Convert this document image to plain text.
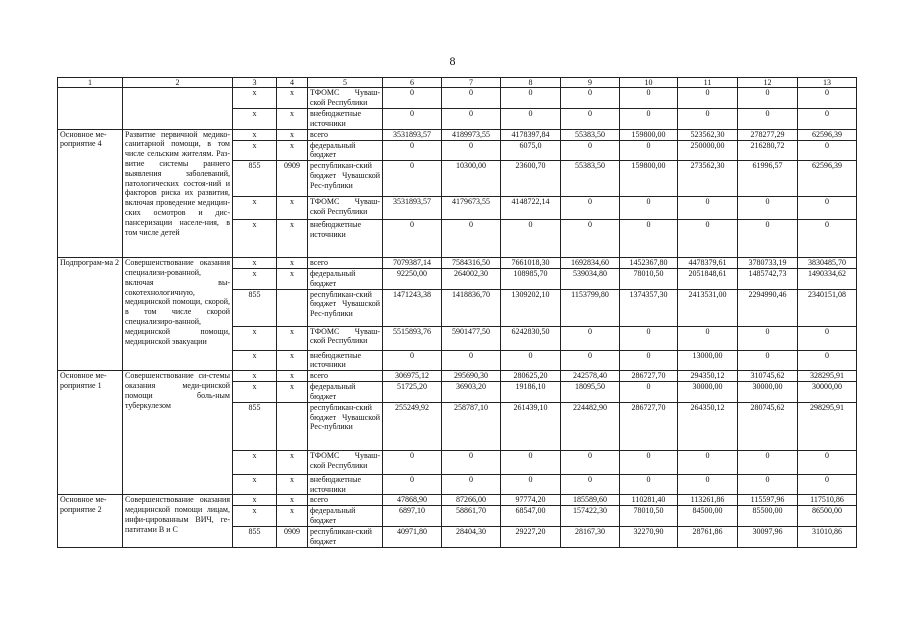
8
1	2	3	4	5	6	7	8	9	10	11	12	13
		x	x	ТФОМС Чуваш-ской Республики	0	0	0	0	0	0	0	0
		x	x	внебюджетные источники	0	0	0	0	0	0	0	0
Основное ме-роприятие 4	Развитие первичной медико-санитарной помощи, в том числе сельским жителям. Раз-витие системы раннего выявления заболеваний, патологических состоя-ний и факторов риска их развития, включая проведение медицин-ских осмотров и дис-пансеризации населе-ния, в том числе детей	x	x	всего	3531893,57	4189973,55	4178397,84	55383,50	159800,00	523562,30	278277,29	62596,39
		x	x	федеральный бюджет	0	0	6075,0	0	0	250000,00	216280,72	0
		855	0909	республикан-ский бюджет Чувашской Рес-публики	0	10300,00	23600,70	55383,50	159800,00	273562,30	61996,57	62596,39
		x	x	ТФОМС Чуваш-ской Республики	3531893,57	4179673,55	4148722,14	0	0	0	0	0
		x	x	внебюджетные источники	0	0	0	0	0	0	0	0
Подпрограм-ма 2	Совершенствование оказания специализи-рованной, включая вы-сокотехнологичную, медицинской помощи, скорой, в том числе скорой специализиро-ванной, медицинской помощи, медицинской эвакуации	x	x	всего	7079387,14	7584316,50	7661018,30	1692834,60	1452367,80	4478379,61	3780733,19	3830485,70
		x	x	федеральный бюджет	92250,00	264002,30	108985,70	539034,80	78010,50	2051848,61	1485742,73	1490334,62
		855		республикан-ский бюджет Чувашской Рес-публики	1471243,38	1418836,70	1309202,10	1153799,80	1374357,30	2413531,00	2294990,46	2340151,08
		x	x	ТФОМС Чуваш-ской Республики	5515893,76	5901477,50	6242830,50	0	0	0	0	0
		x	x	внебюджетные источники	0	0	0	0	0	13000,00	0	0
Основное ме-роприятие 1	Совершенствование си-стемы оказания меди-цинской помощи боль-ным туберкулезом	x	x	всего	306975,12	295690,30	280625,20	242578,40	286727,70	294350,12	310745,62	328295,91
		x	x	федеральный бюджет	51725,20	36903,20	19186,10	18095,50	0	30000,00	30000,00	30000,00
		855		республикан-ский бюджет Чувашской Рес-публики	255249,92	258787,10	261439,10	224482,90	286727,70	264350,12	280745,62	298295,91
		x	x	ТФОМС Чуваш-ской Республики	0	0	0	0	0	0	0	0
		x	x	внебюджетные источники	0	0	0	0	0	0	0	0
Основное ме-роприятие 2	Совершенствование оказания медицинской помощи лицам, инфи-цированным ВИЧ, ге-патитами В и С	x	x	всего	47868,90	87266,00	97774,20	185589,60	110281,40	113261,86	115597,96	117510,86
		x	x	федеральный бюджет	6897,10	58861,70	68547,00	157422,30	78010,50	84500,00	85500,00	86500,00
		855	0909	республикан-ский бюджет	40971,80	28404,30	29227,20	28167,30	32270,90	28761,86	30097,96	31010,86
